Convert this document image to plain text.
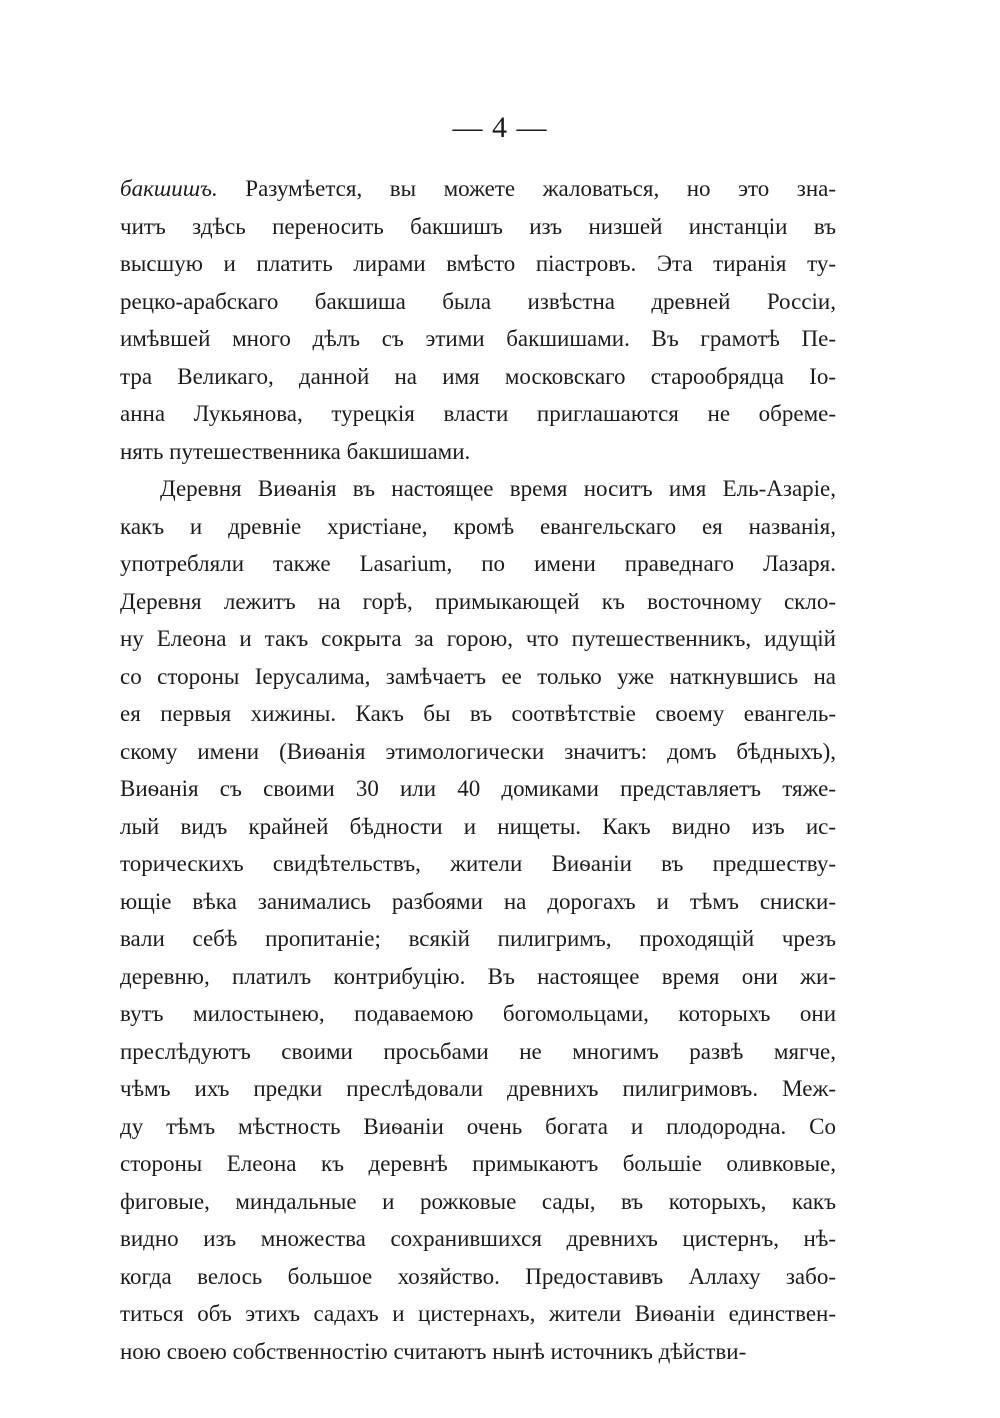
— 4 —
бакшишъ. Разумѣется, вы можете жаловаться, но это зна-
читъ здѣсь переносить бакшишъ изъ низшей инстанціи въ
высшую и платить лирами вмѣсто піастровъ. Эта тиранія ту-
рецко-арабскаго бакшиша была извѣстна древней Россіи,
имѣвшей много дѣлъ съ этими бакшишами. Въ грамотѣ Пе-
тра Великаго, данной на имя московскаго старообрядца Іо-
анна Лукьянова, турецкія власти приглашаются не обреме-
нять путешественника бакшишами.
Деревня Виѳанія въ настоящее время носитъ имя Ель-Азаріе,
какъ и древніе христіане, кромѣ евангельскаго ея названія,
употребляли также Lasarium, по имени праведнаго Лазаря.
Деревня лежитъ на горѣ, примыкающей къ восточному скло-
ну Елеона и такъ сокрыта за горою, что путешественникъ, идущій
со стороны Іерусалима, замѣчаетъ ее только уже наткнувшись на
ея первыя хижины. Какъ бы въ соотвѣтствіе своему евангель-
скому имени (Виѳанія этимологически значитъ: домъ бѣдныхъ),
Виѳанія съ своими 30 или 40 домиками представляетъ тяже-
лый видъ крайней бѣдности и нищеты. Какъ видно изъ ис-
торическихъ свидѣтельствъ, жители Виѳаніи въ предшеству-
ющіе вѣка занимались разбоями на дорогахъ и тѣмъ сниски-
вали себѣ пропитаніе; всякій пилигримъ, проходящій чрезъ
деревню, платилъ контрибуцію. Въ настоящее время они жи-
вутъ милостынею, подаваемою богомольцами, которыхъ они
преслѣдуютъ своими просьбами не многимъ развѣ мягче,
чѣмъ ихъ предки преслѣдовали древнихъ пилигримовъ. Меж-
ду тѣмъ мѣстность Виѳаніи очень богата и плодородна. Со
стороны Елеона къ деревнѣ примыкаютъ большіе оливковые,
фиговые, миндальные и рожковые сады, въ которыхъ, какъ
видно изъ множества сохранившихся древнихъ цистернъ, нѣ-
когда велось большое хозяйство. Предоставивъ Аллаху забо-
титься объ этихъ садахъ и цистернахъ, жители Виѳаніи единствен-
ною своею собственностію считаютъ нынѣ источникъ дѣйстви-
